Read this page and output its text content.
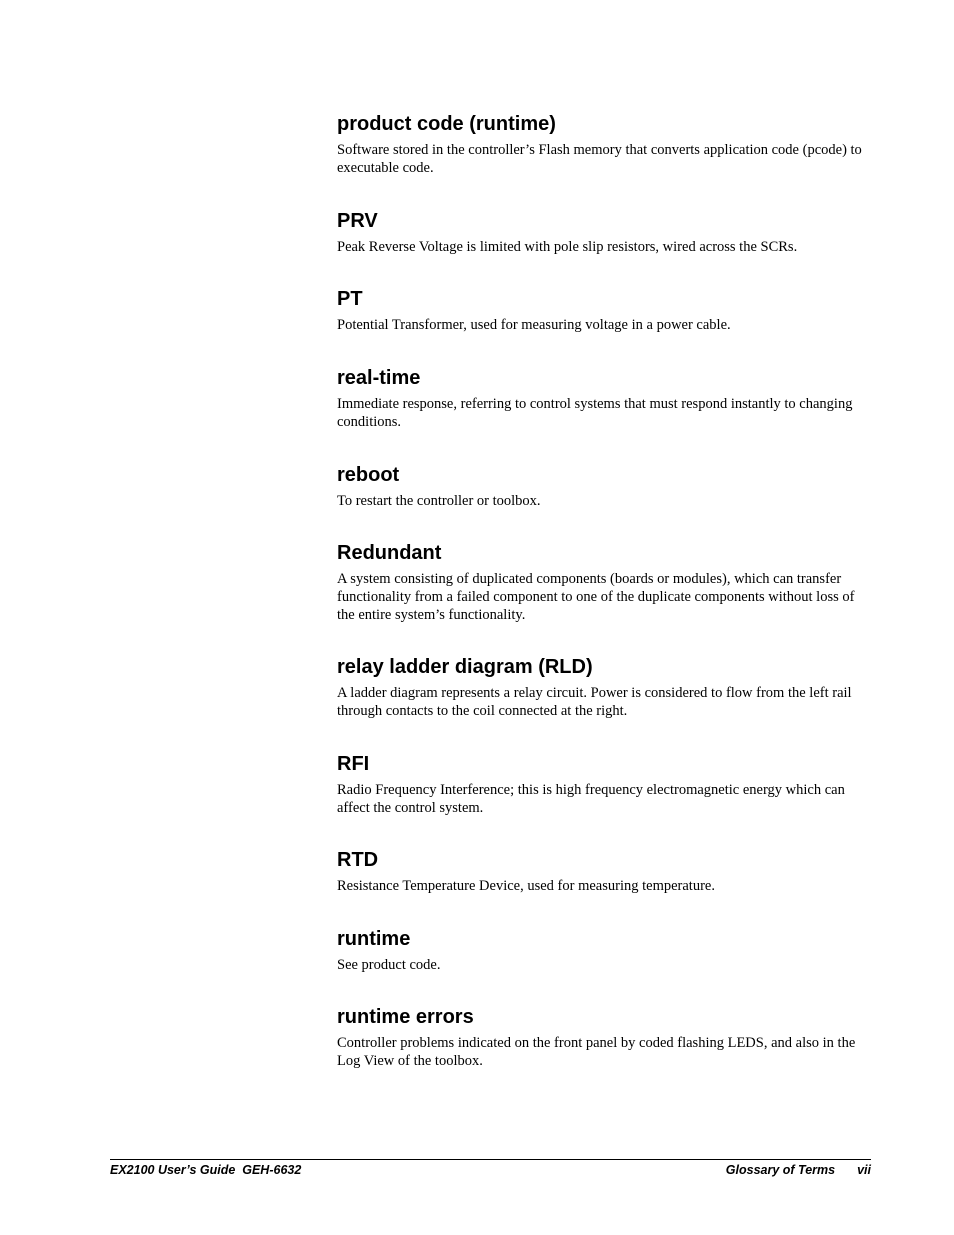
product code (runtime)

Software stored in the controller’s Flash memory that converts application code (pcode) to executable code.

PRV

Peak Reverse Voltage is limited with pole slip resistors, wired across the SCRs.

PT

Potential Transformer, used for measuring voltage in a power cable.

real-time

Immediate response, referring to control systems that must respond instantly to changing conditions.

reboot

To restart the controller or toolbox.

Redundant

A system consisting of duplicated components (boards or modules), which can transfer functionality from a failed component to one of the duplicate components without loss of the entire system’s functionality.

relay ladder diagram (RLD)

A ladder diagram represents a relay circuit. Power is considered to flow from the left rail through contacts to the coil connected at the right.

RFI

Radio Frequency Interference; this is high frequency electromagnetic energy which can affect the control system.

RTD

Resistance Temperature Device, used for measuring temperature.

runtime

See product code.

runtime errors

Controller problems indicated on the front panel by coded flashing LEDS, and also in the Log View of the toolbox.

EX2100 User’s Guide  GEH-6632	Glossary of Terms vii
